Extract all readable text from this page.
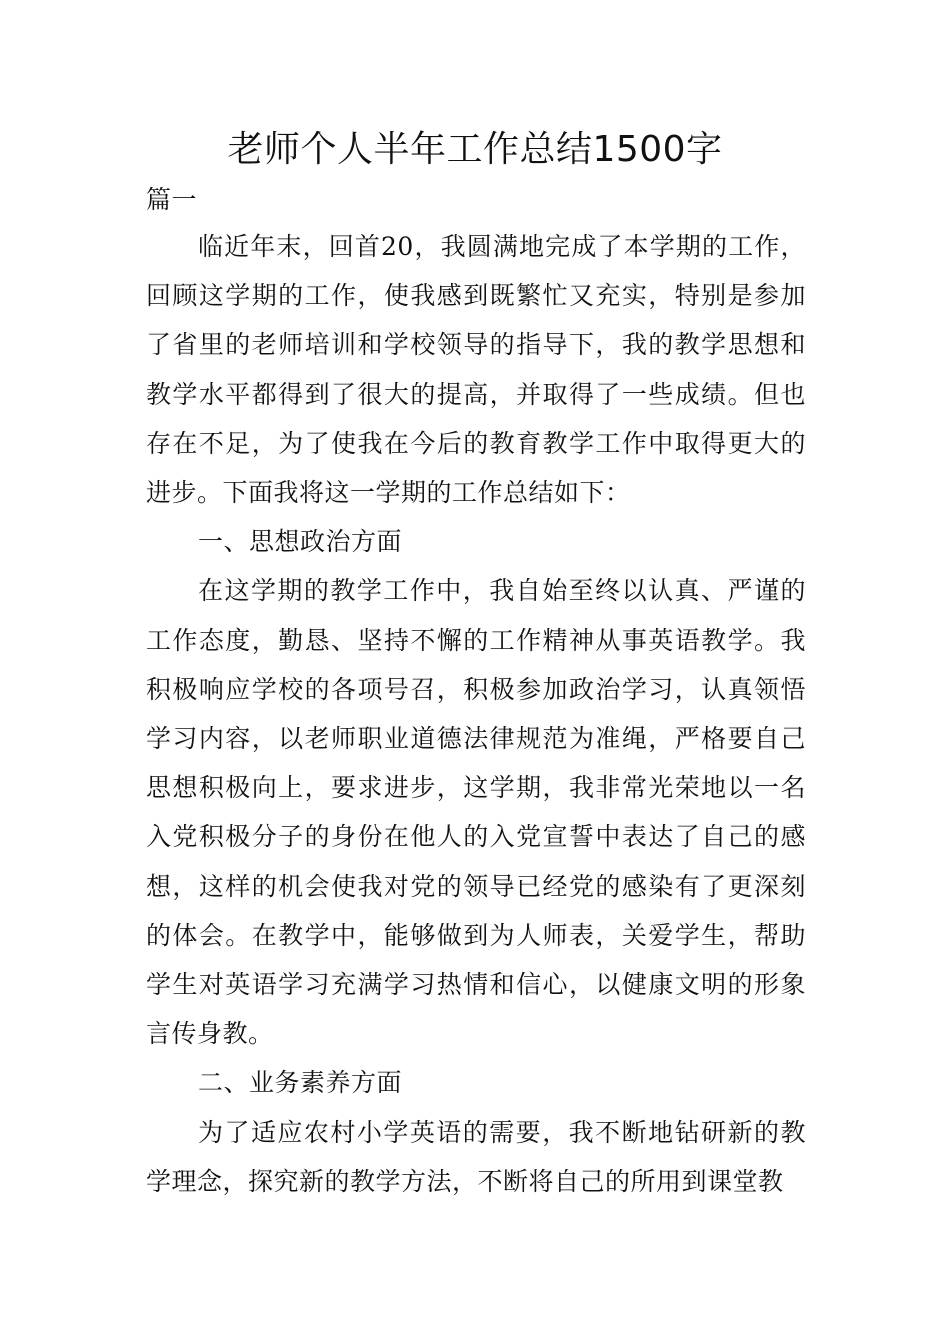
老师个人半年工作总结1500字
篇一

临近年末，回首20，我圆满地完成了本学期的工作，回顾这学期的工作，使我感到既繁忙又充实，特别是参加了省里的老师培训和学校领导的指导下，我的教学思想和教学水平都得到了很大的提高，并取得了一些成绩。但也存在不足，为了使我在今后的教育教学工作中取得更大的进步。下面我将这一学期的工作总结如下：

一、思想政治方面

在这学期的教学工作中，我自始至终以认真、严谨的工作态度，勤恳、坚持不懈的工作精神从事英语教学。我积极响应学校的各项号召，积极参加政治学习，认真领悟学习内容，以老师职业道德法律规范为准绳，严格要自己思想积极向上，要求进步，这学期，我非常光荣地以一名入党积极分子的身份在他人的入党宣誓中表达了自己的感想，这样的机会使我对党的领导已经党的感染有了更深刻的体会。在教学中，能够做到为人师表，关爱学生，帮助学生对英语学习充满学习热情和信心，以健康文明的形象言传身教。

二、业务素养方面

为了适应农村小学英语的需要，我不断地钻研新的教学理念，探究新的教学方法，不断将自己的所用到课堂教
